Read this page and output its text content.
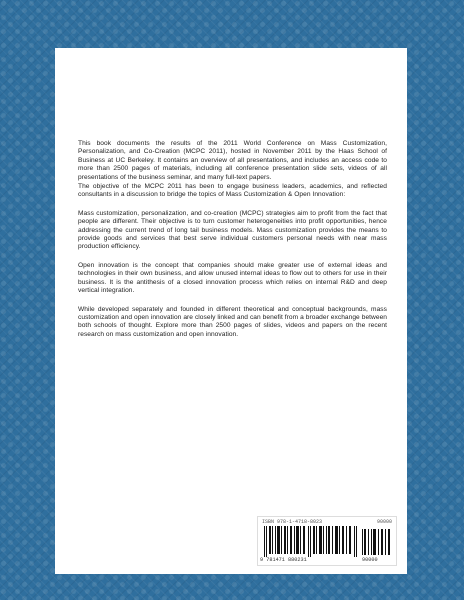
This book documents the results of the 2011 World Conference on Mass Customization, Personalization, and Co-Creation (MCPC 2011), hosted in November 2011 by the Haas School of Business at UC Berkeley. It contains an overview of all presentations, and includes an access code to more than 2500 pages of materials, including all conference presentation slide sets, videos of all presentations of the business seminar, and many full-text papers.

The objective of the MCPC 2011 has been to engage business leaders, academics, and reflected consultants in a discussion to bridge the topics of Mass Customization & Open Innovation:

Mass customization, personalization, and co-creation (MCPC) strategies aim to profit from the fact that people are different. Their objective is to turn customer heterogeneities into profit opportunities, hence addressing the current trend of long tail business models. Mass customization provides the means to provide goods and services that best serve individual customers personal needs with near mass production efficiency.

Open innovation is the concept that companies should make greater use of external ideas and technologies in their own business, and allow unused internal ideas to flow out to others for use in their business. It is the antithesis of a closed innovation process which relies on internal R&D and deep vertical integration.

While developed separately and founded in different theoretical and conceptual backgrounds, mass customization and open innovation are closely linked and can benefit from a broader exchange between both schools of thought. Explore more than 2500 pages of slides, videos and papers on the recent research on mass customization and open innovation.

ISBN 978-1-4718-8023	90000
9 781471 880231	90000
